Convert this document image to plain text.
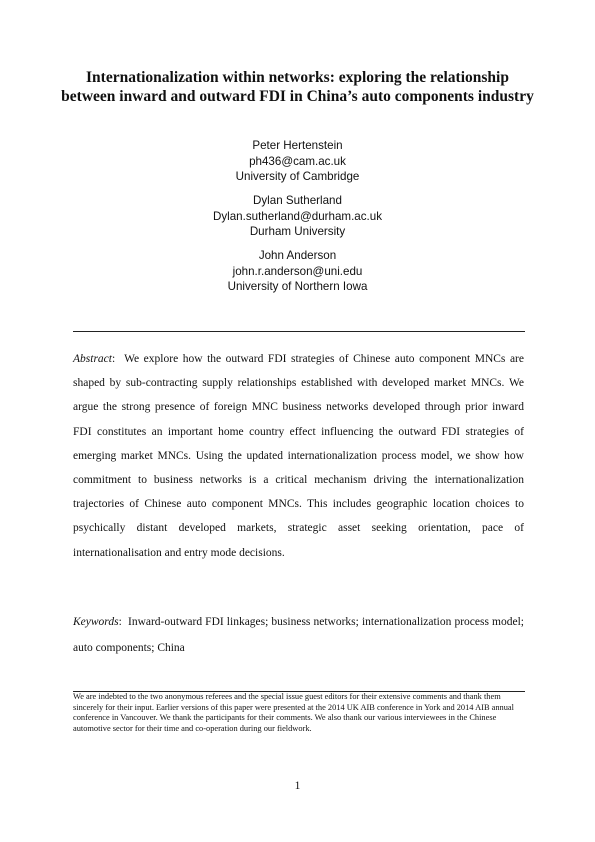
Internationalization within networks: exploring the relationship between inward and outward FDI in China’s auto components industry
Peter Hertenstein
ph436@cam.ac.uk
University of Cambridge
Dylan Sutherland
Dylan.sutherland@durham.ac.uk
Durham University
John Anderson
john.r.anderson@uni.edu
University of Northern Iowa
Abstract:  We explore how the outward FDI strategies of Chinese auto component MNCs are shaped by sub-contracting supply relationships established with developed market MNCs. We argue the strong presence of foreign MNC business networks developed through prior inward FDI constitutes an important home country effect influencing the outward FDI strategies of emerging market MNCs. Using the updated internationalization process model, we show how commitment to business networks is a critical mechanism driving the internationalization trajectories of Chinese auto component MNCs. This includes geographic location choices to psychically distant developed markets, strategic asset seeking orientation, pace of internationalisation and entry mode decisions.
Keywords:  Inward-outward FDI linkages; business networks; internationalization process model; auto components; China
We are indebted to the two anonymous referees and the special issue guest editors for their extensive comments and thank them sincerely for their input. Earlier versions of this paper were presented at the 2014 UK AIB conference in York and 2014 AIB annual conference in Vancouver. We thank the participants for their comments. We also thank our various interviewees in the Chinese automotive sector for their time and co-operation during our fieldwork.
1
